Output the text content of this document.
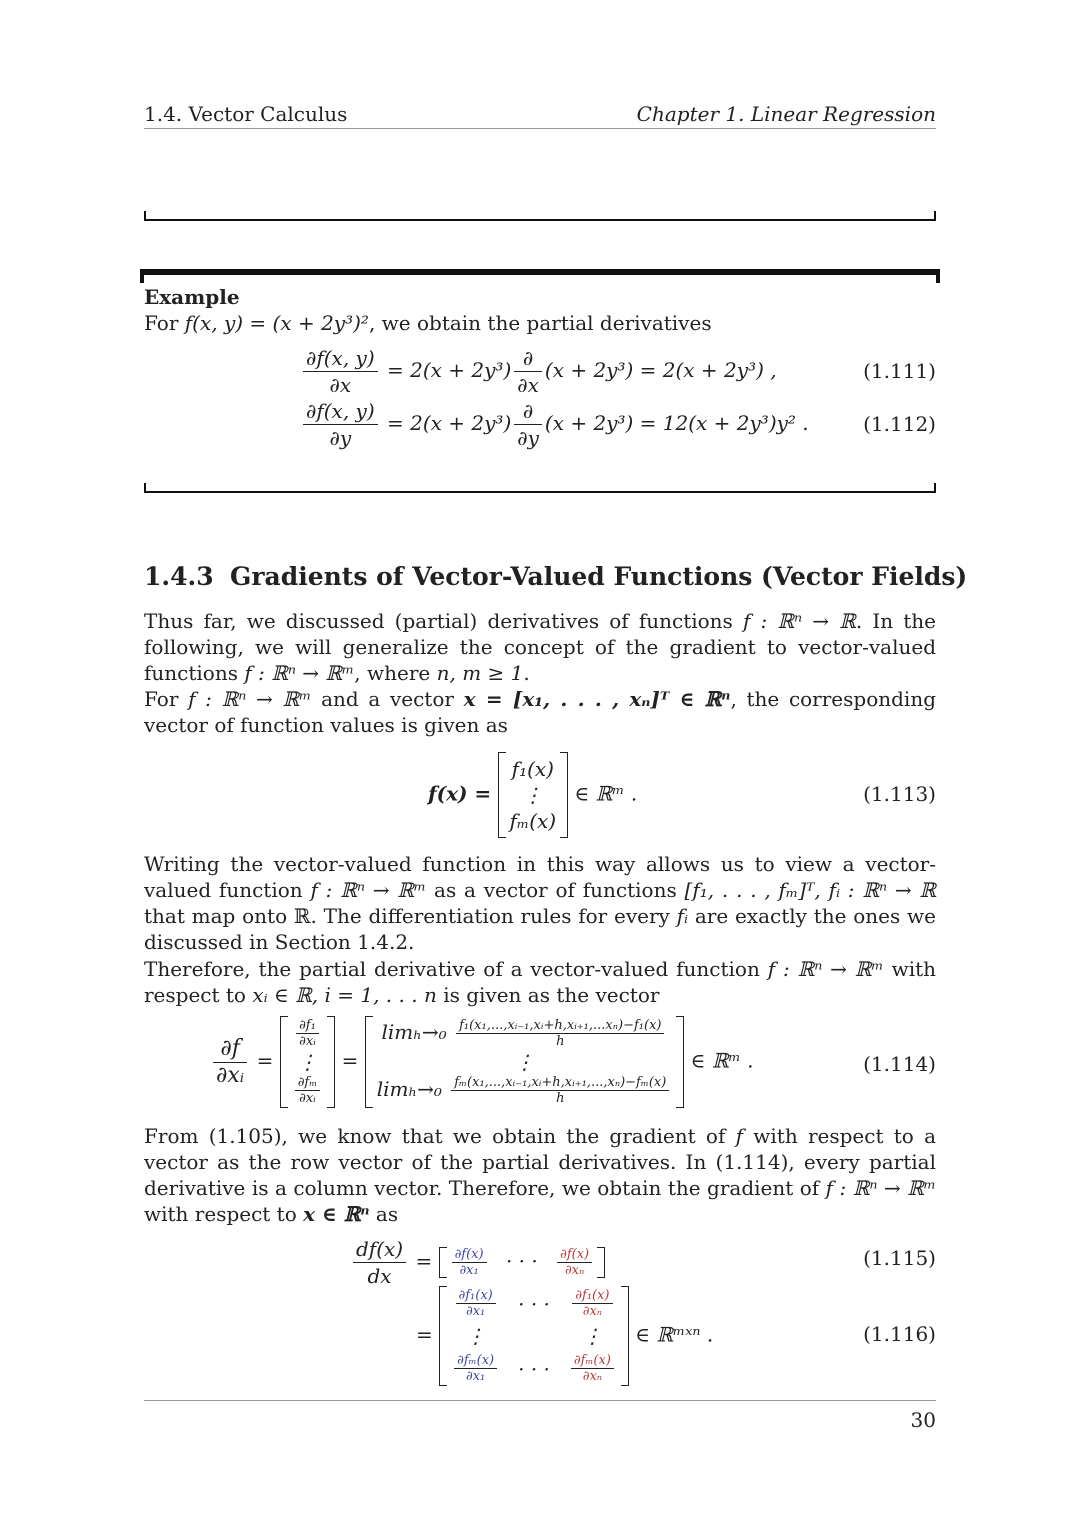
1.4. Vector Calculus	Chapter 1. Linear Regression
Example
For f(x, y) = (x + 2y³)², we obtain the partial derivatives
$\frac{\partial f(x, y)}{\partial x} = 2(x + 2y^3) \frac{\partial}{\partial x} (x + 2y^3) = 2(x + 2y^3)$ ,	(1.111)
$\frac{\partial f(x, y)}{\partial y} = 2(x + 2y^3) \frac{\partial}{\partial y} (x + 2y^3) = 12(x + 2y^3)y^2$ .	(1.112)
1.4.3 Gradients of Vector-Valued Functions (Vector Fields)
Thus far, we discussed (partial) derivatives of functions f : ℝⁿ → ℝ. In the following, we will generalize the concept of the gradient to vector-valued functions f : ℝⁿ → ℝᵐ, where n, m ≥ 1.
For f : ℝⁿ → ℝᵐ and a vector x = [x₁, . . . , xₙ]ᵀ ∈ ℝⁿ, the corresponding vector of function values is given as
f(x) =
f₁(x)
⋮
fₘ(x)
∈ ℝᵐ .	(1.113)
Writing the vector-valued function in this way allows us to view a vector-valued function f : ℝⁿ → ℝᵐ as a vector of functions [f₁, . . . , fₘ]ᵀ, fᵢ : ℝⁿ → ℝ that map onto ℝ. The differentiation rules for every fᵢ are exactly the ones we discussed in Section 1.4.2.
Therefore, the partial derivative of a vector-valued function f : ℝⁿ → ℝᵐ with respect to xᵢ ∈ ℝ, i = 1, . . . n is given as the vector
$\frac{\partial f}{\text{∂xᵢ}}$ =
$\frac{\text{∂f₁}}{\text{∂xᵢ}}$
⋮
$\frac{\text{∂fₘ}}{\text{∂xᵢ}}$
=
$\lim_h\to_0 \frac{\text{f₁(x₁,...,xᵢ₋₁,xᵢ+h,xᵢ₊₁,...xₙ)−f₁(x)}}{h}$
⋮
$\lim_h\to_0 \frac{\text{fₘ(x₁,...,xᵢ₋₁,xᵢ+h,xᵢ₊₁,...,xₙ)−fₘ(x)}}{h}$
∈ ℝᵐ .	(1.114)
From (1.105), we know that we obtain the gradient of f with respect to a vector as the row vector of the partial derivatives. In (1.114), every partial derivative is a column vector. Therefore, we obtain the gradient of f : ℝⁿ → ℝᵐ with respect to x ∈ ℝⁿ as
$\frac{df(x)}{dx} = \frac{\partial f(x)}{\text{∂x₁}}$ · · · $\frac{\partial f(x)}{\text{∂xₙ}}$	(1.115)
=
$\frac{\text{∂f₁(x)}}{\text{∂x₁}}$ · · · $\frac{\text{∂f₁(x)}}{\text{∂xₙ}}$
⋮	⋮
$\frac{\text{∂fₘ(x)}}{\text{∂x₁}}$ · · · $\frac{\text{∂fₘ(x)}}{\text{∂xₙ}}$
∈ ℝᵐˣⁿ .	(1.116)
30
